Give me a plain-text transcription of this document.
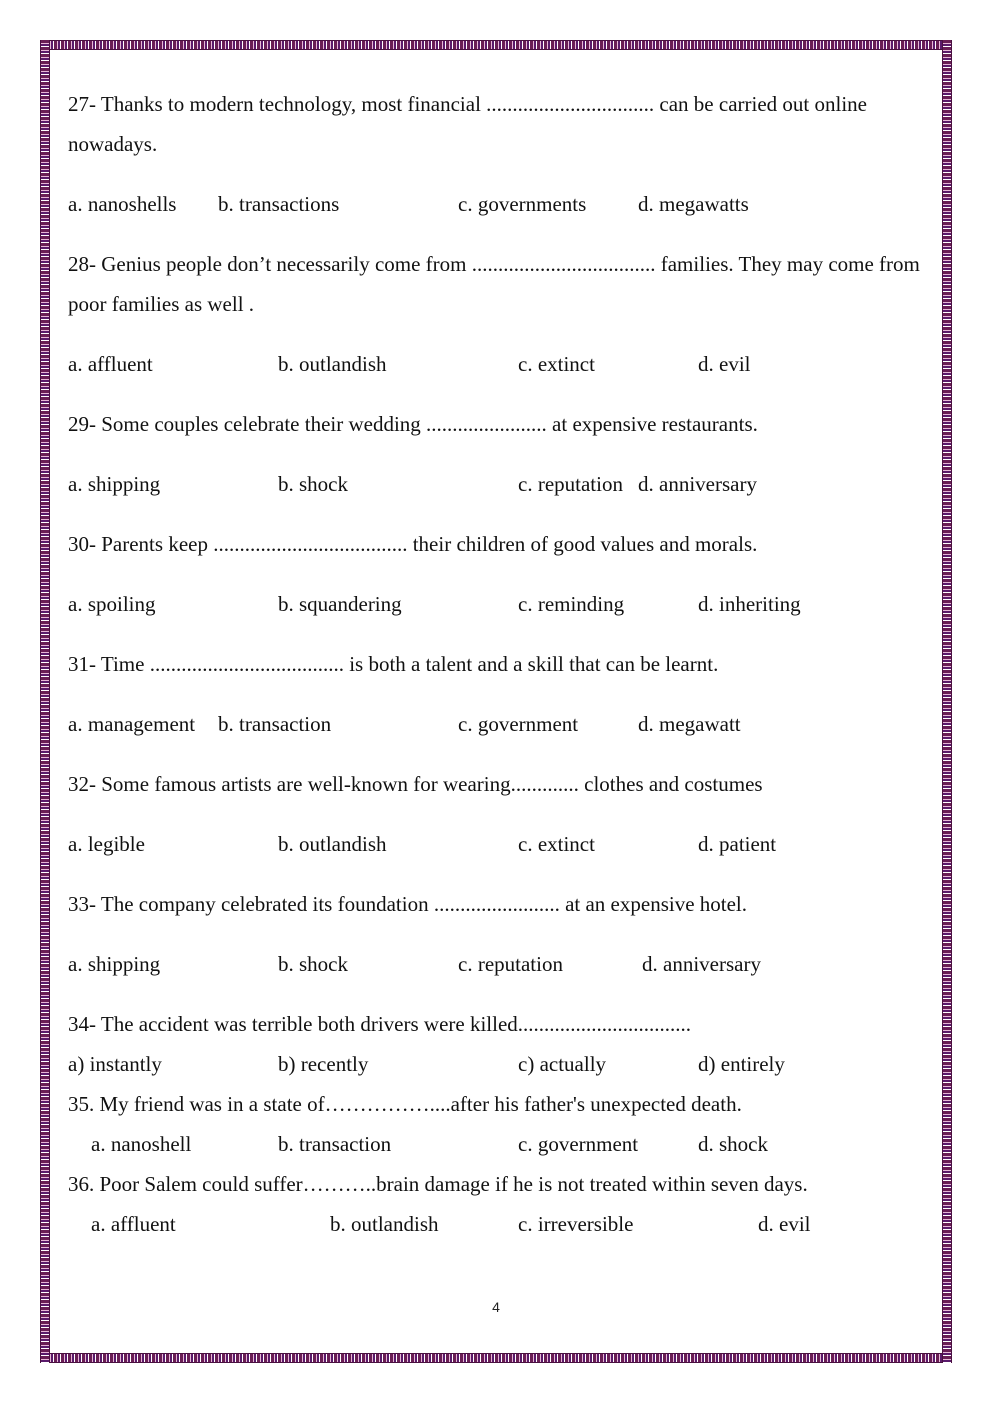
27- Thanks to modern technology, most financial ................................ can be carried out online nowadays.

a. nanoshells b. transactions	c. governments d. megawatts

28- Genius people don’t necessarily come from ................................... families. They may come from poor families as well .

a. affluent	b. outlandish	c. extinct	d. evil

29- Some couples celebrate their wedding ....................... at expensive restaurants.

a. shipping	b. shock	c. reputation d. anniversary

30- Parents keep ..................................... their children of good values and morals.

a. spoiling	b. squandering	c. reminding	d. inheriting

31- Time ..................................... is both a talent and a skill that can be learnt.

a. management b. transaction	c. government	d. megawatt

32- Some famous artists are well-known for wearing............. clothes and costumes

a. legible	b. outlandish	c. extinct	d. patient

33- The company celebrated its foundation ........................ at an expensive hotel.

a. shipping	b. shock	c. reputation	d. anniversary

34- The accident was terrible both drivers were killed.................................

a) instantly	b) recently	c) actually	d) entirely

35. My friend was in a state of……………....after his father's unexpected death.

a. nanoshell	b. transaction	c. government	d. shock

36. Poor Salem could suffer………..brain damage if he is not treated within seven days.

a. affluent	b. outlandish	c. irreversible	d. evil
4
